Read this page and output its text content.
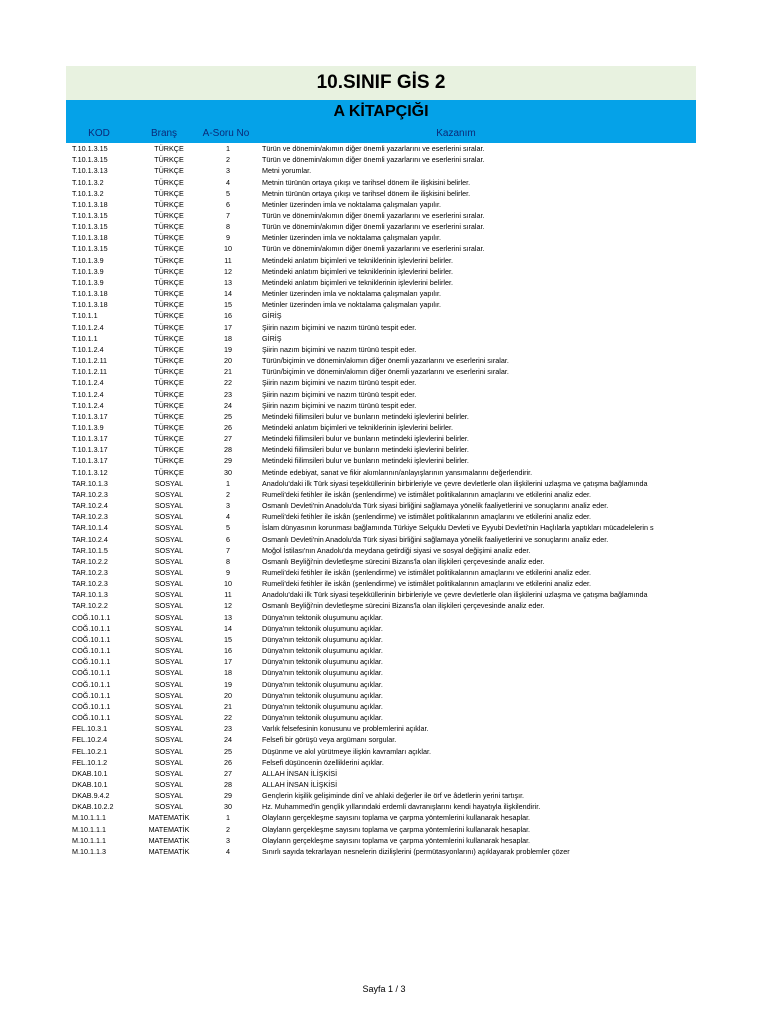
10.SINIF GİS 2
A KİTAPÇIĞI
KOD	Branş	A-Soru No	Kazanım
T.10.1.3.15	TÜRKÇE	1	Türün ve dönemin/akımın diğer önemli yazarlarını ve eserlerini sıralar.
T.10.1.3.15	TÜRKÇE	2	Türün ve dönemin/akımın diğer önemli yazarlarını ve eserlerini sıralar.
T.10.1.3.13	TÜRKÇE	3	Metni yorumlar.
T.10.1.3.2	TÜRKÇE	4	Metnin türünün ortaya çıkışı ve tarihsel dönem ile ilişkisini belirler.
T.10.1.3.2	TÜRKÇE	5	Metnin türünün ortaya çıkışı ve tarihsel dönem ile ilişkisini belirler.
T.10.1.3.18	TÜRKÇE	6	Metinler üzerinden imla ve noktalama çalışmaları yapılır.
T.10.1.3.15	TÜRKÇE	7	Türün ve dönemin/akımın diğer önemli yazarlarını ve eserlerini sıralar.
T.10.1.3.15	TÜRKÇE	8	Türün ve dönemin/akımın diğer önemli yazarlarını ve eserlerini sıralar.
T.10.1.3.18	TÜRKÇE	9	Metinler üzerinden imla ve noktalama çalışmaları yapılır.
T.10.1.3.15	TÜRKÇE	10	Türün ve dönemin/akımın diğer önemli yazarlarını ve eserlerini sıralar.
T.10.1.3.9	TÜRKÇE	11	Metindeki anlatım biçimleri ve tekniklerinin işlevlerini belirler.
T.10.1.3.9	TÜRKÇE	12	Metindeki anlatım biçimleri ve tekniklerinin işlevlerini belirler.
T.10.1.3.9	TÜRKÇE	13	Metindeki anlatım biçimleri ve tekniklerinin işlevlerini belirler.
T.10.1.3.18	TÜRKÇE	14	Metinler üzerinden imla ve noktalama çalışmaları yapılır.
T.10.1.3.18	TÜRKÇE	15	Metinler üzerinden imla ve noktalama çalışmaları yapılır.
T.10.1.1	TÜRKÇE	16	GİRİŞ
T.10.1.2.4	TÜRKÇE	17	Şiirin nazım biçimini ve nazım türünü tespit eder.
T.10.1.1	TÜRKÇE	18	GİRİŞ
T.10.1.2.4	TÜRKÇE	19	Şiirin nazım biçimini ve nazım türünü tespit eder.
T.10.1.2.11	TÜRKÇE	20	Türün/biçimin ve dönemin/akımın diğer önemli yazarlarını ve eserlerini sıralar.
T.10.1.2.11	TÜRKÇE	21	Türün/biçimin ve dönemin/akımın diğer önemli yazarlarını ve eserlerini sıralar.
T.10.1.2.4	TÜRKÇE	22	Şiirin nazım biçimini ve nazım türünü tespit eder.
T.10.1.2.4	TÜRKÇE	23	Şiirin nazım biçimini ve nazım türünü tespit eder.
T.10.1.2.4	TÜRKÇE	24	Şiirin nazım biçimini ve nazım türünü tespit eder.
T.10.1.3.17	TÜRKÇE	25	Metindeki fiilimsileri bulur ve bunların metindeki işlevlerini belirler.
T.10.1.3.9	TÜRKÇE	26	Metindeki anlatım biçimleri ve tekniklerinin işlevlerini belirler.
T.10.1.3.17	TÜRKÇE	27	Metindeki fiilimsileri bulur ve bunların metindeki işlevlerini belirler.
T.10.1.3.17	TÜRKÇE	28	Metindeki fiilimsileri bulur ve bunların metindeki işlevlerini belirler.
T.10.1.3.17	TÜRKÇE	29	Metindeki fiilimsileri bulur ve bunların metindeki işlevlerini belirler.
T.10.1.3.12	TÜRKÇE	30	Metinde edebiyat, sanat ve fikir akımlarının/anlayışlarının yansımalarını değerlendirir.
TAR.10.1.3	SOSYAL	1	Anadolu'daki ilk Türk siyasi teşekküllerinin birbirleriyle ve çevre devletlerle olan ilişkilerini uzlaşma ve çatışma bağlamında
TAR.10.2.3	SOSYAL	2	Rumeli'deki fetihler ile iskân (şenlendirme) ve istimâlet politikalarının amaçlarını ve etkilerini analiz eder.
TAR.10.2.4	SOSYAL	3	Osmanlı Devleti'nin Anadolu'da Türk siyasi birliğini sağlamaya yönelik faaliyetlerini ve sonuçlarını analiz eder.
TAR.10.2.3	SOSYAL	4	Rumeli'deki fetihler ile iskân (şenlendirme) ve istimâlet politikalarının amaçlarını ve etkilerini analiz eder.
TAR.10.1.4	SOSYAL	5	İslam dünyasının korunması bağlamında Türkiye Selçuklu Devleti ve Eyyubi Devleti'nin Haçlılarla yaptıkları mücadelelerin s
TAR.10.2.4	SOSYAL	6	Osmanlı Devleti'nin Anadolu'da Türk siyasi birliğini sağlamaya yönelik faaliyetlerini ve sonuçlarını analiz eder.
TAR.10.1.5	SOSYAL	7	Moğol İstilası'nın Anadolu'da meydana getirdiği siyasi ve sosyal değişimi analiz eder.
TAR.10.2.2	SOSYAL	8	Osmanlı Beyliği'nin devletleşme sürecini Bizans'la olan ilişkileri çerçevesinde analiz eder.
TAR.10.2.3	SOSYAL	9	Rumeli'deki fetihler ile iskân (şenlendirme) ve istimâlet politikalarının amaçlarını ve etkilerini analiz eder.
TAR.10.2.3	SOSYAL	10	Rumeli'deki fetihler ile iskân (şenlendirme) ve istimâlet politikalarının amaçlarını ve etkilerini analiz eder.
TAR.10.1.3	SOSYAL	11	Anadolu'daki ilk Türk siyasi teşekküllerinin birbirleriyle ve çevre devletlerle olan ilişkilerini uzlaşma ve çatışma bağlamında
TAR.10.2.2	SOSYAL	12	Osmanlı Beyliği'nin devletleşme sürecini Bizans'la olan ilişkileri çerçevesinde analiz eder.
COĞ.10.1.1	SOSYAL	13	Dünya'nın tektonik oluşumunu açıklar.
COĞ.10.1.1	SOSYAL	14	Dünya'nın tektonik oluşumunu açıklar.
COĞ.10.1.1	SOSYAL	15	Dünya'nın tektonik oluşumunu açıklar.
COĞ.10.1.1	SOSYAL	16	Dünya'nın tektonik oluşumunu açıklar.
COĞ.10.1.1	SOSYAL	17	Dünya'nın tektonik oluşumunu açıklar.
COĞ.10.1.1	SOSYAL	18	Dünya'nın tektonik oluşumunu açıklar.
COĞ.10.1.1	SOSYAL	19	Dünya'nın tektonik oluşumunu açıklar.
COĞ.10.1.1	SOSYAL	20	Dünya'nın tektonik oluşumunu açıklar.
COĞ.10.1.1	SOSYAL	21	Dünya'nın tektonik oluşumunu açıklar.
COĞ.10.1.1	SOSYAL	22	Dünya'nın tektonik oluşumunu açıklar.
FEL.10.3.1	SOSYAL	23	Varlık felsefesinin konusunu ve problemlerini açıklar.
FEL.10.2.4	SOSYAL	24	Felsefi bir görüşü veya argümanı sorgular.
FEL.10.2.1	SOSYAL	25	Düşünme ve akıl yürütmeye ilişkin kavramları açıklar.
FEL.10.1.2	SOSYAL	26	Felsefi düşüncenin özelliklerini açıklar.
DKAB.10.1	SOSYAL	27	ALLAH İNSAN İLİŞKİSİ
DKAB.10.1	SOSYAL	28	ALLAH İNSAN İLİŞKİSİ
DKAB.9.4.2	SOSYAL	29	Gençlerin kişilik gelişiminde dinî ve ahlaki değerler ile örf ve âdetlerin yerini tartışır.
DKAB.10.2.2	SOSYAL	30	Hz. Muhammed'in gençlik yıllarındaki erdemli davranışlarını kendi hayatıyla ilişkilendirir.
M.10.1.1.1	MATEMATİK	1	Olayların gerçekleşme sayısını toplama ve çarpma yöntemlerini kullanarak hesaplar.
M.10.1.1.1	MATEMATİK	2	Olayların gerçekleşme sayısını toplama ve çarpma yöntemlerini kullanarak hesaplar.
M.10.1.1.1	MATEMATİK	3	Olayların gerçekleşme sayısını toplama ve çarpma yöntemlerini kullanarak hesaplar.
M.10.1.1.3	MATEMATİK	4	Sınırlı sayıda tekrarlayan nesnelerin dizilişlerini (permütasyonlarını) açıklayarak problemler çözer
Sayfa 1 / 3
